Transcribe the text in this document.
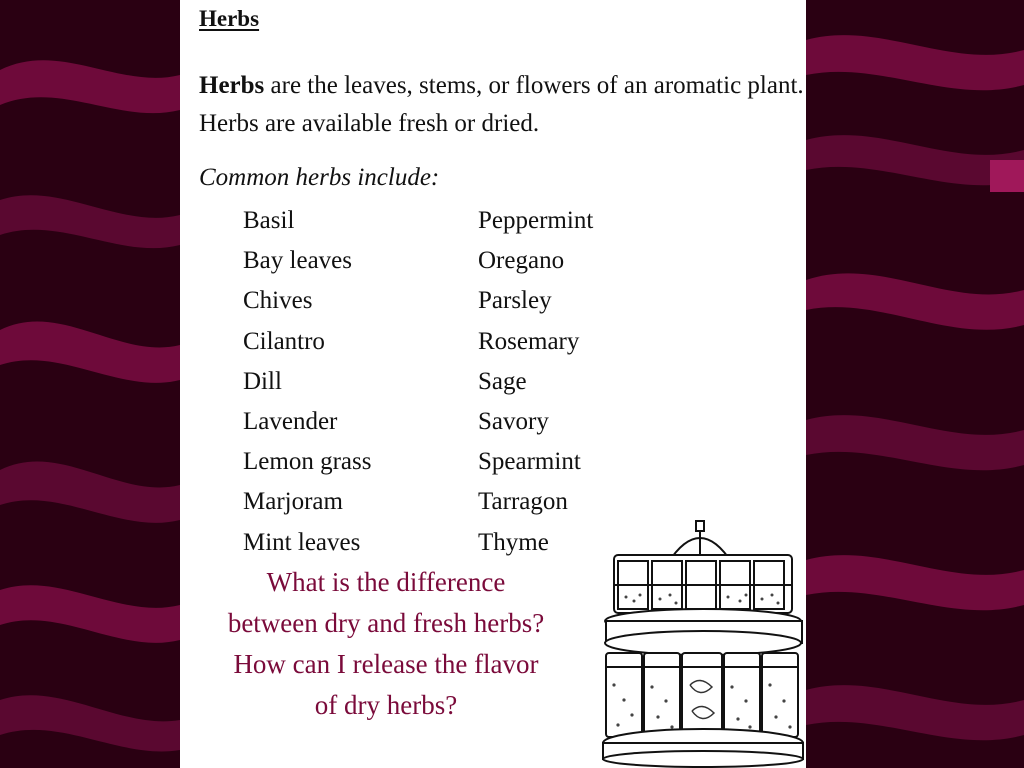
Herbs

Herbs are the leaves, stems, or flowers of an aromatic plant. Herbs are available fresh or dried.

Common herbs include:
Basil
Bay leaves
Chives
Cilantro
Dill
Lavender
Lemon grass
Marjoram
Mint leaves
Peppermint
Oregano
Parsley
Rosemary
Sage
Savory
Spearmint
Tarragon
Thyme
What is the difference between dry and fresh herbs? How can I release the flavor of dry herbs?
